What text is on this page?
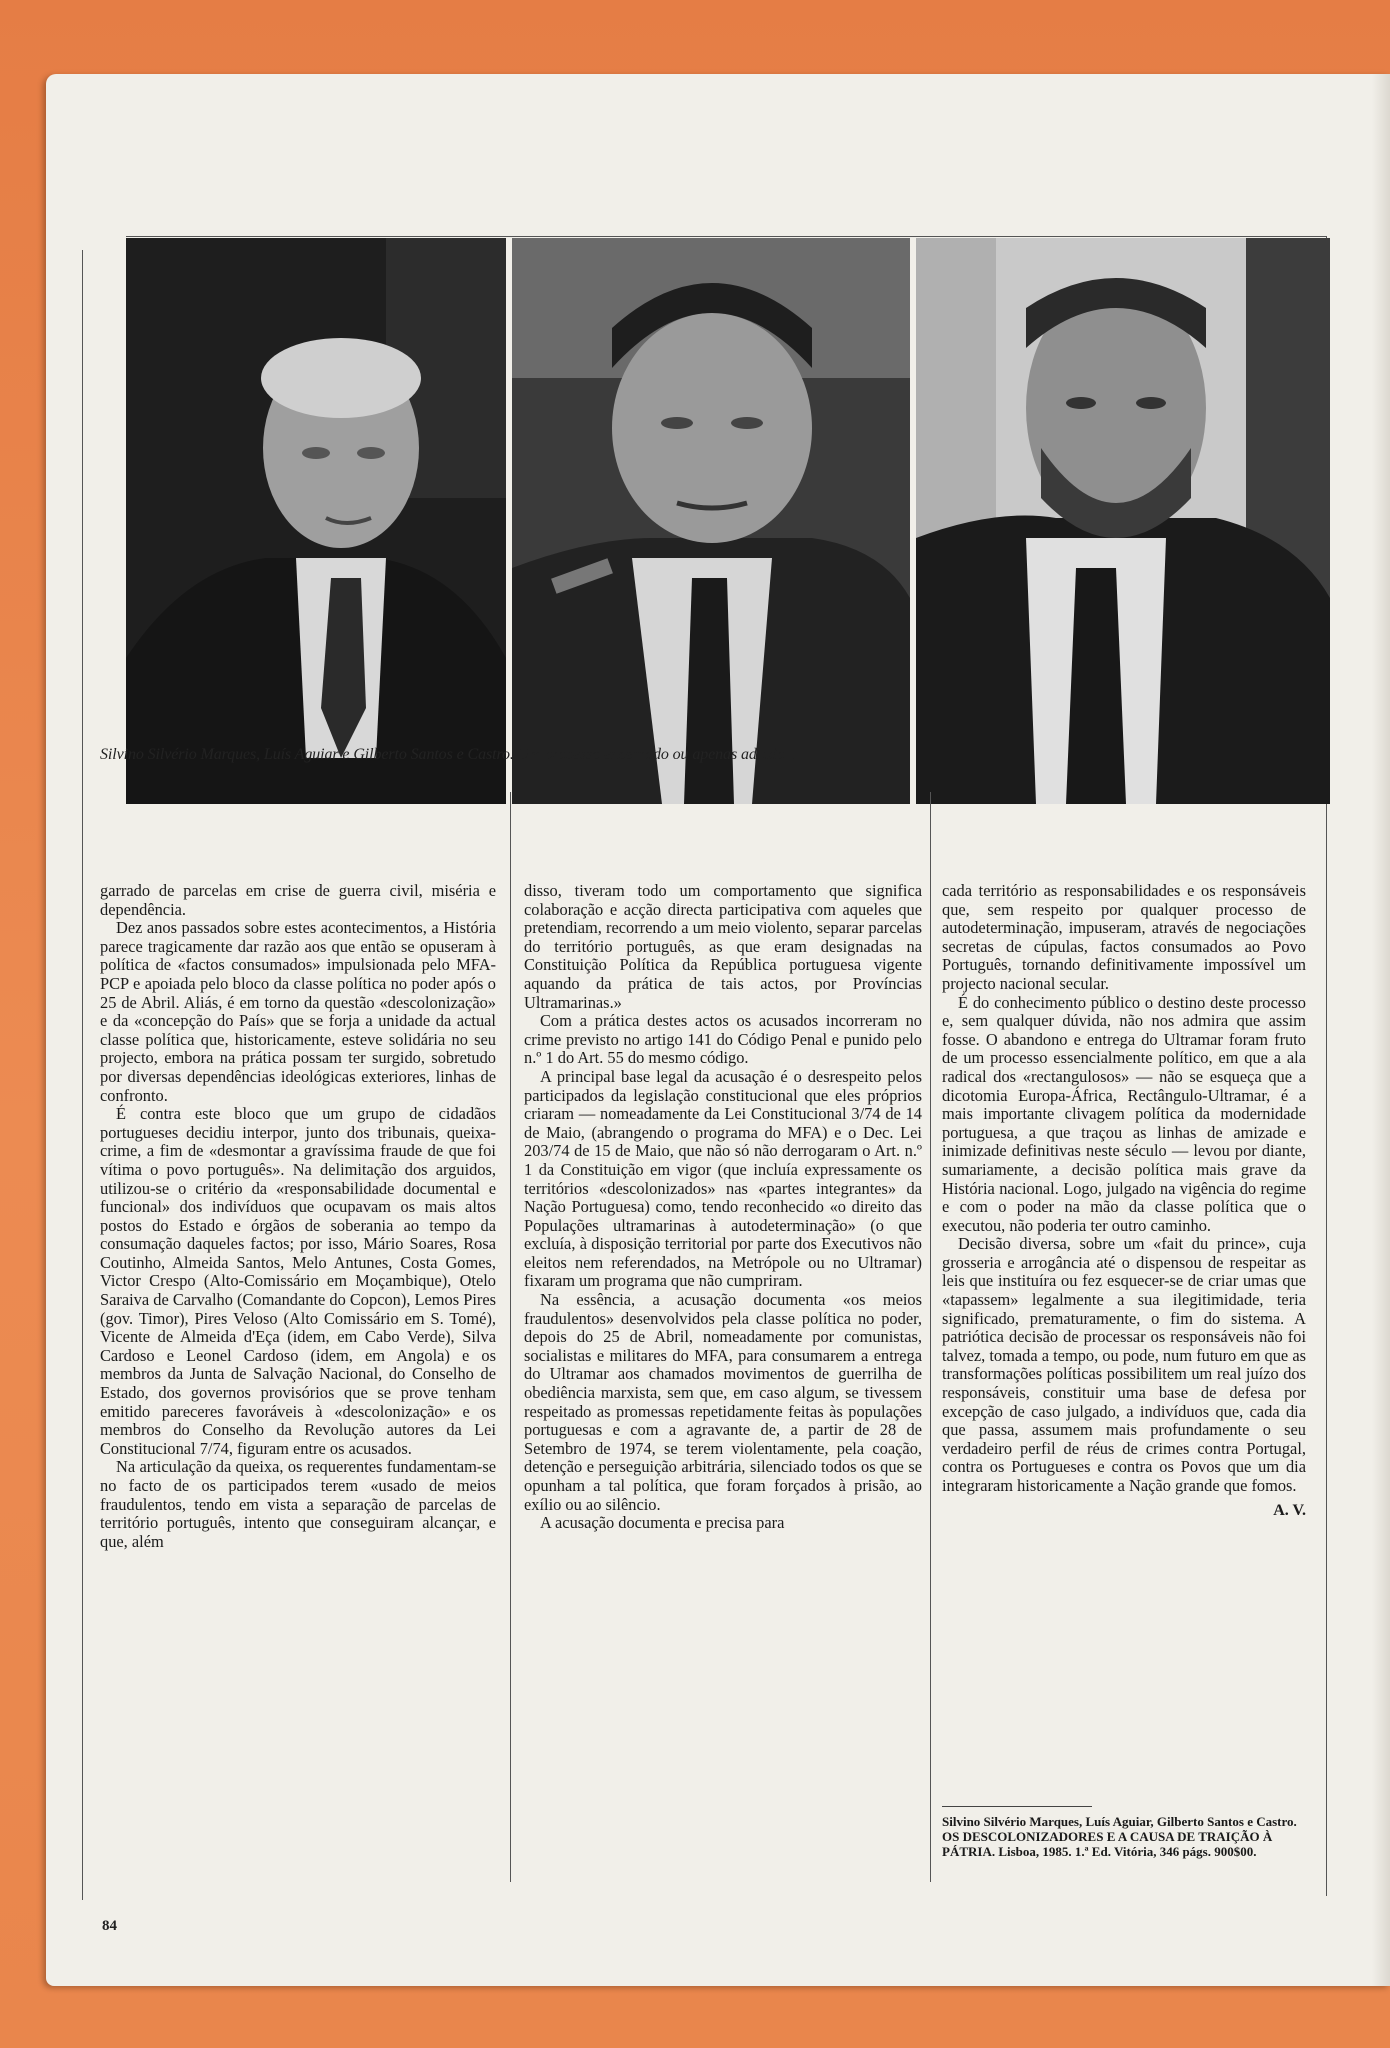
Silvino Silvério Marques, Luís Aguiar e Gilberto Santos e Castro. Um processo encerrado ou apenas adiado...

garrado de parcelas em crise de guerra civil, miséria e dependência.

Dez anos passados sobre estes acontecimentos, a História parece tragicamente dar razão aos que então se opuseram à política de «factos consumados» impulsionada pelo MFA-PCP e apoiada pelo bloco da classe política no poder após o 25 de Abril. Aliás, é em torno da questão «descolonização» e da «concepção do País» que se forja a unidade da actual classe política que, historicamente, esteve solidária no seu projecto, embora na prática possam ter surgido, sobretudo por diversas dependências ideológicas exteriores, linhas de confronto.

É contra este bloco que um grupo de cidadãos portugueses decidiu interpor, junto dos tribunais, queixa-crime, a fim de «desmontar a gravíssima fraude de que foi vítima o povo português». Na delimitação dos arguidos, utilizou-se o critério da «responsabilidade documental e funcional» dos indivíduos que ocupavam os mais altos postos do Estado e órgãos de soberania ao tempo da consumação daqueles factos; por isso, Mário Soares, Rosa Coutinho, Almeida Santos, Melo Antunes, Costa Gomes, Victor Crespo (Alto-Comissário em Moçambique), Otelo Saraiva de Carvalho (Comandante do Copcon), Lemos Pires (gov. Timor), Pires Veloso (Alto Comissário em S. Tomé), Vicente de Almeida d'Eça (idem, em Cabo Verde), Silva Cardoso e Leonel Cardoso (idem, em Angola) e os membros da Junta de Salvação Nacional, do Conselho de Estado, dos governos provisórios que se prove tenham emitido pareceres favoráveis à «descolonização» e os membros do Conselho da Revolução autores da Lei Constitucional 7/74, figuram entre os acusados.

Na articulação da queixa, os requerentes fundamentam-se no facto de os participados terem «usado de meios fraudulentos, tendo em vista a separação de parcelas de território português, intento que conseguiram alcançar, e que, além

disso, tiveram todo um comportamento que significa colaboração e acção directa participativa com aqueles que pretendiam, recorrendo a um meio violento, separar parcelas do território português, as que eram designadas na Constituição Política da República portuguesa vigente aquando da prática de tais actos, por Províncias Ultramarinas.»

Com a prática destes actos os acusados incorreram no crime previsto no artigo 141 do Código Penal e punido pelo n.º 1 do Art. 55 do mesmo código.

A principal base legal da acusação é o desrespeito pelos participados da legislação constitucional que eles próprios criaram — nomeadamente da Lei Constitucional 3/74 de 14 de Maio, (abrangendo o programa do MFA) e o Dec. Lei 203/74 de 15 de Maio, que não só não derrogaram o Art. n.º 1 da Constituição em vigor (que incluía expressamente os territórios «descolonizados» nas «partes integrantes» da Nação Portuguesa) como, tendo reconhecido «o direito das Populações ultramarinas à autodeterminação» (o que excluía, à disposição territorial por parte dos Executivos não eleitos nem referendados, na Metrópole ou no Ultramar) fixaram um programa que não cumpriram.

Na essência, a acusação documenta «os meios fraudulentos» desenvolvidos pela classe política no poder, depois do 25 de Abril, nomeadamente por comunistas, socialistas e militares do MFA, para consumarem a entrega do Ultramar aos chamados movimentos de guerrilha de obediência marxista, sem que, em caso algum, se tivessem respeitado as promessas repetidamente feitas às populações portuguesas e com a agravante de, a partir de 28 de Setembro de 1974, se terem violentamente, pela coação, detenção e perseguição arbitrária, silenciado todos os que se opunham a tal política, que foram forçados à prisão, ao exílio ou ao silêncio.

A acusação documenta e precisa para

cada território as responsabilidades e os responsáveis que, sem respeito por qualquer processo de autodeterminação, impuseram, através de negociações secretas de cúpulas, factos consumados ao Povo Português, tornando definitivamente impossível um projecto nacional secular.

É do conhecimento público o destino deste processo e, sem qualquer dúvida, não nos admira que assim fosse. O abandono e entrega do Ultramar foram fruto de um processo essencialmente político, em que a ala radical dos «rectangulosos» — não se esqueça que a dicotomia Europa-África, Rectângulo-Ultramar, é a mais importante clivagem política da modernidade portuguesa, a que traçou as linhas de amizade e inimizade definitivas neste século — levou por diante, sumariamente, a decisão política mais grave da História nacional. Logo, julgado na vigência do regime e com o poder na mão da classe política que o executou, não poderia ter outro caminho.

Decisão diversa, sobre um «fait du prince», cuja grosseria e arrogância até o dispensou de respeitar as leis que instituíra ou fez esquecer-se de criar umas que «tapassem» legalmente a sua ilegitimidade, teria significado, prematuramente, o fim do sistema. A patriótica decisão de processar os responsáveis não foi talvez, tomada a tempo, ou pode, num futuro em que as transformações políticas possibilitem um real juízo dos responsáveis, constituir uma base de defesa por excepção de caso julgado, a indivíduos que, cada dia que passa, assumem mais profundamente o seu verdadeiro perfil de réus de crimes contra Portugal, contra os Portugueses e contra os Povos que um dia integraram historicamente a Nação grande que fomos.

A. V.
Silvino Silvério Marques, Luís Aguiar, Gilberto Santos e Castro. OS DESCOLONIZADORES E A CAUSA DE TRAIÇÃO À PÁTRIA. Lisboa, 1985. 1.ª Ed. Vitória, 346 págs. 900$00.
84
